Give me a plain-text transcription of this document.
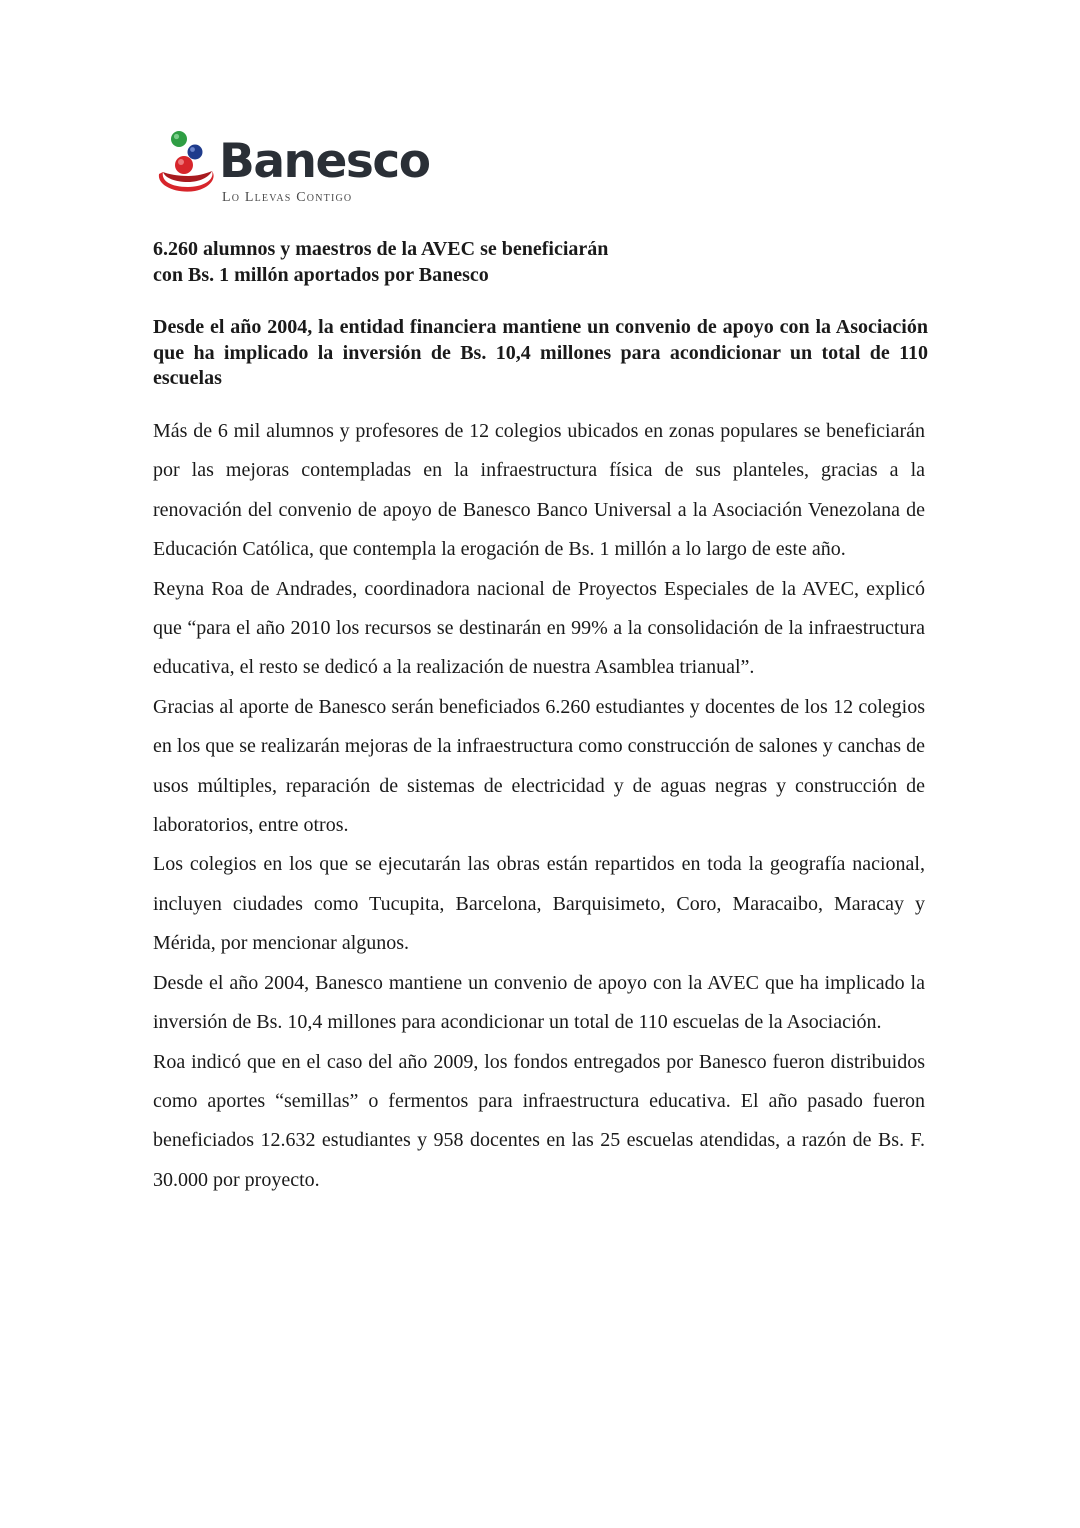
Banesco
Lo Llevas Contigo
6.260 alumnos y maestros de la AVEC se beneficiarán
con Bs. 1 millón aportados por Banesco
Desde el año 2004, la entidad financiera mantiene un convenio de apoyo con la Asociación que ha implicado la inversión de Bs. 10,4 millones para acondicionar un total de 110 escuelas

Más de 6 mil alumnos y profesores de 12 colegios ubicados en zonas populares se beneficiarán por las mejoras contempladas en la infraestructura física de sus planteles, gracias a la renovación del convenio de apoyo de Banesco Banco Universal a la Asociación Venezolana de Educación Católica, que contempla la erogación de Bs. 1 millón a lo largo de este año.

Reyna Roa de Andrades, coordinadora nacional de Proyectos Especiales de la AVEC, explicó que “para el año 2010 los recursos se destinarán en 99% a la consolidación de la infraestructura educativa, el resto se dedicó a la realización de nuestra Asamblea trianual”.

Gracias al aporte de Banesco serán beneficiados 6.260 estudiantes y docentes de los 12 colegios en los que se realizarán mejoras de la infraestructura como construcción de salones y canchas de usos múltiples, reparación de sistemas de electricidad y de aguas negras y construcción de laboratorios, entre otros.

Los colegios en los que se ejecutarán las obras están repartidos en toda la geografía nacional, incluyen ciudades como Tucupita, Barcelona, Barquisimeto, Coro, Maracaibo, Maracay y Mérida, por mencionar algunos.

Desde el año 2004, Banesco mantiene un convenio de apoyo con la AVEC que ha implicado la inversión de Bs. 10,4 millones para acondicionar un total de 110 escuelas de la Asociación.

Roa indicó que en el caso del año 2009, los fondos entregados por Banesco fueron distribuidos como aportes “semillas” o fermentos para infraestructura educativa. El año pasado fueron beneficiados 12.632 estudiantes y 958 docentes en las 25 escuelas atendidas, a razón de Bs. F. 30.000 por proyecto.
